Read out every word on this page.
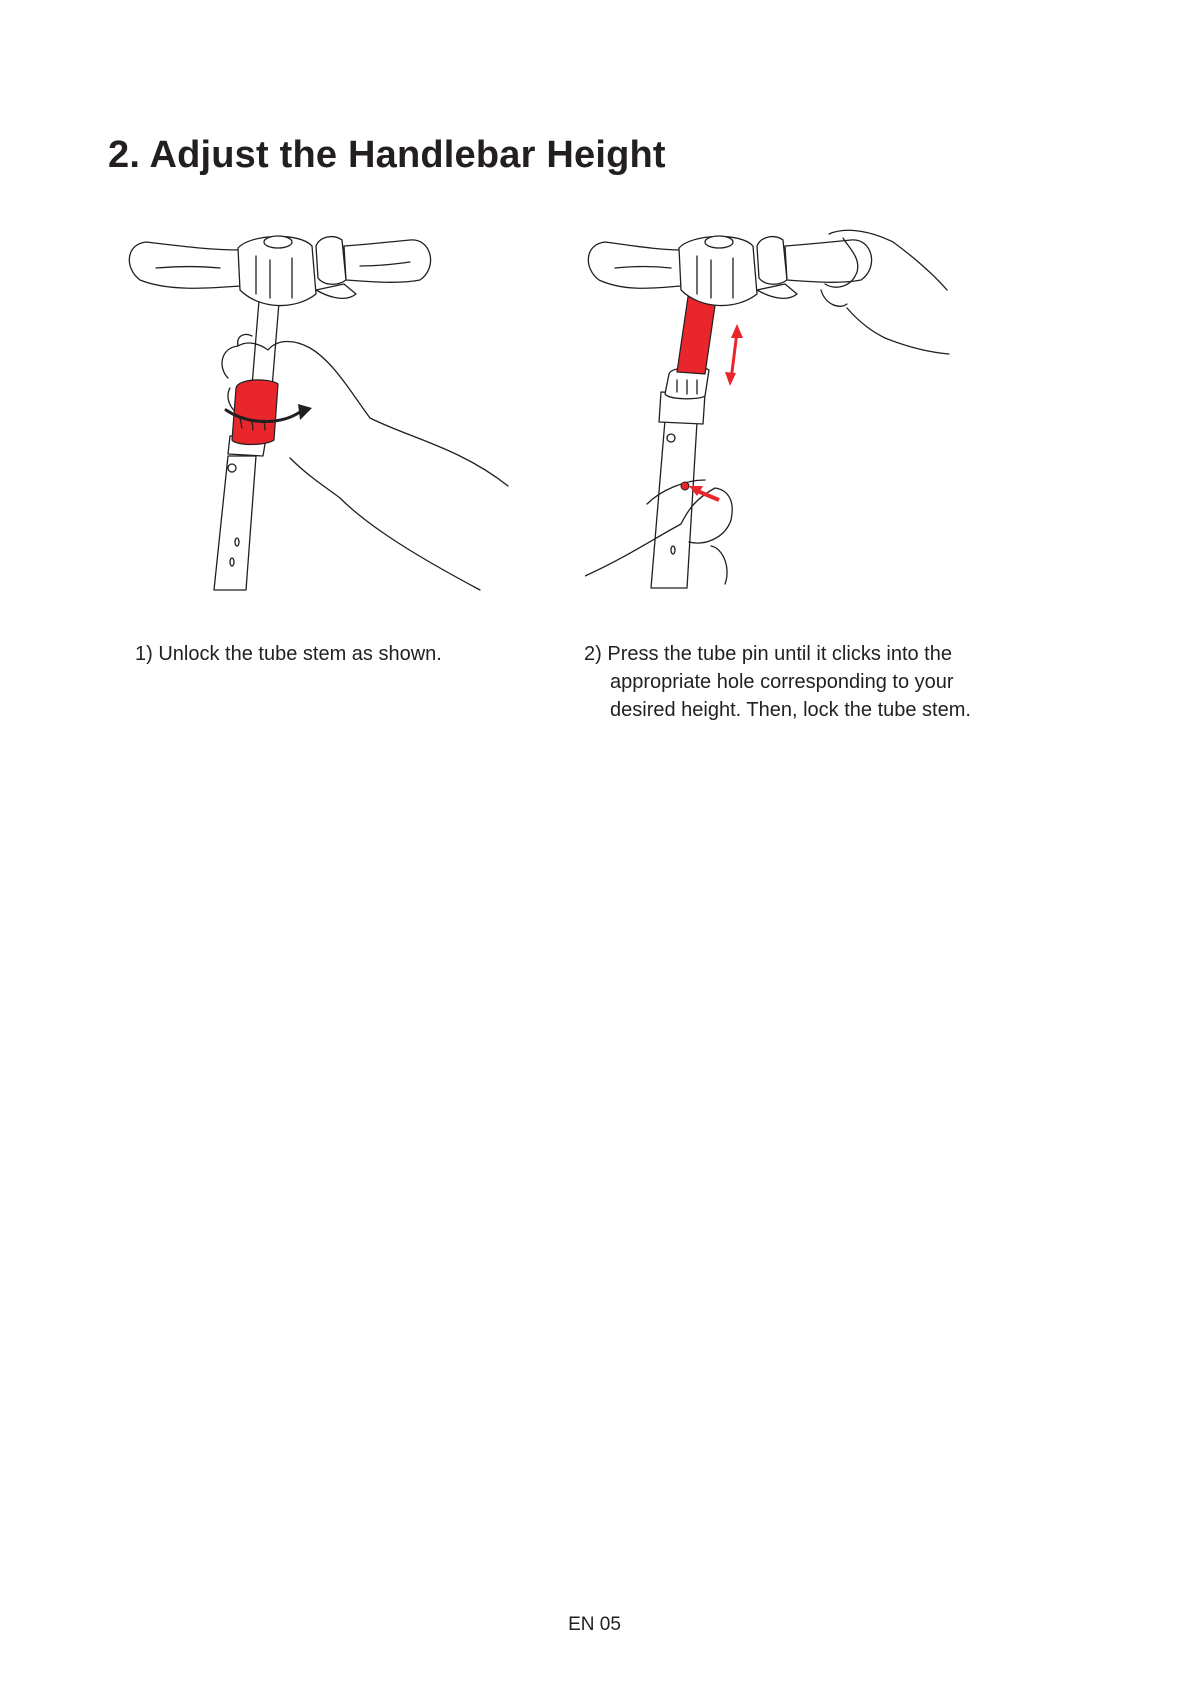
2. Adjust the Handlebar Height
1) Unlock the tube stem as shown.	2) Press the tube pin until it clicks into the
appropriate hole corresponding to your
desired height. Then, lock the tube stem.
EN 05
